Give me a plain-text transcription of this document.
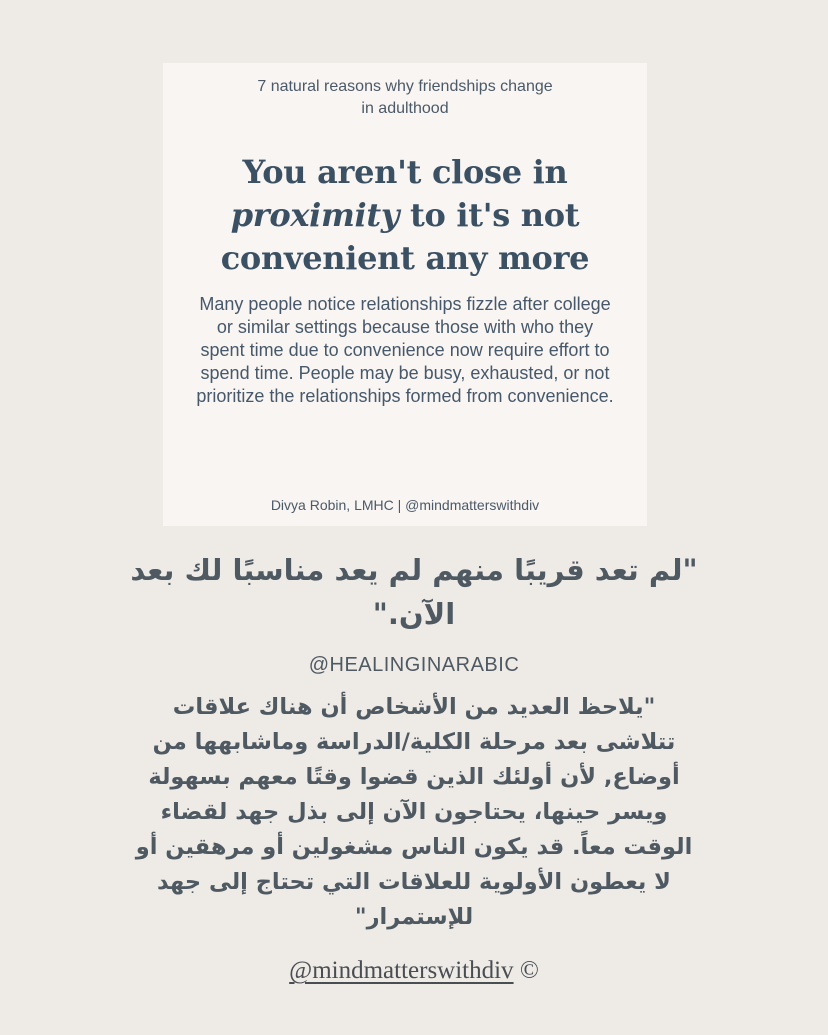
7 natural reasons why friendships change in adulthood
You aren't close in
proximity to it's not
convenient any more
Many people notice relationships fizzle after college or similar settings because those with who they spent time due to convenience now require effort to spend time. People may be busy, exhausted, or not prioritize the relationships formed from convenience.
Divya Robin, LMHC | @mindmatterswithdiv
"لم تعد قريبًا منهم لم يعد مناسبًا لك بعد الآن."
@HEALINGINARABIC
"يلاحظ العديد من الأشخاص أن هناك علاقات تتلاشى بعد مرحلة الكلية/الدراسة وماشابهها من أوضاع, لأن أولئك الذين قضوا وقتًا معهم بسهولة ويسر حينها، يحتاجون الآن إلى بذل جهد لقضاء الوقت معاً. قد يكون الناس مشغولين أو مرهقين أو لا يعطون الأولوية للعلاقات التي تحتاج إلى جهد للإستمرار"
@mindmatterswithdiv ©
